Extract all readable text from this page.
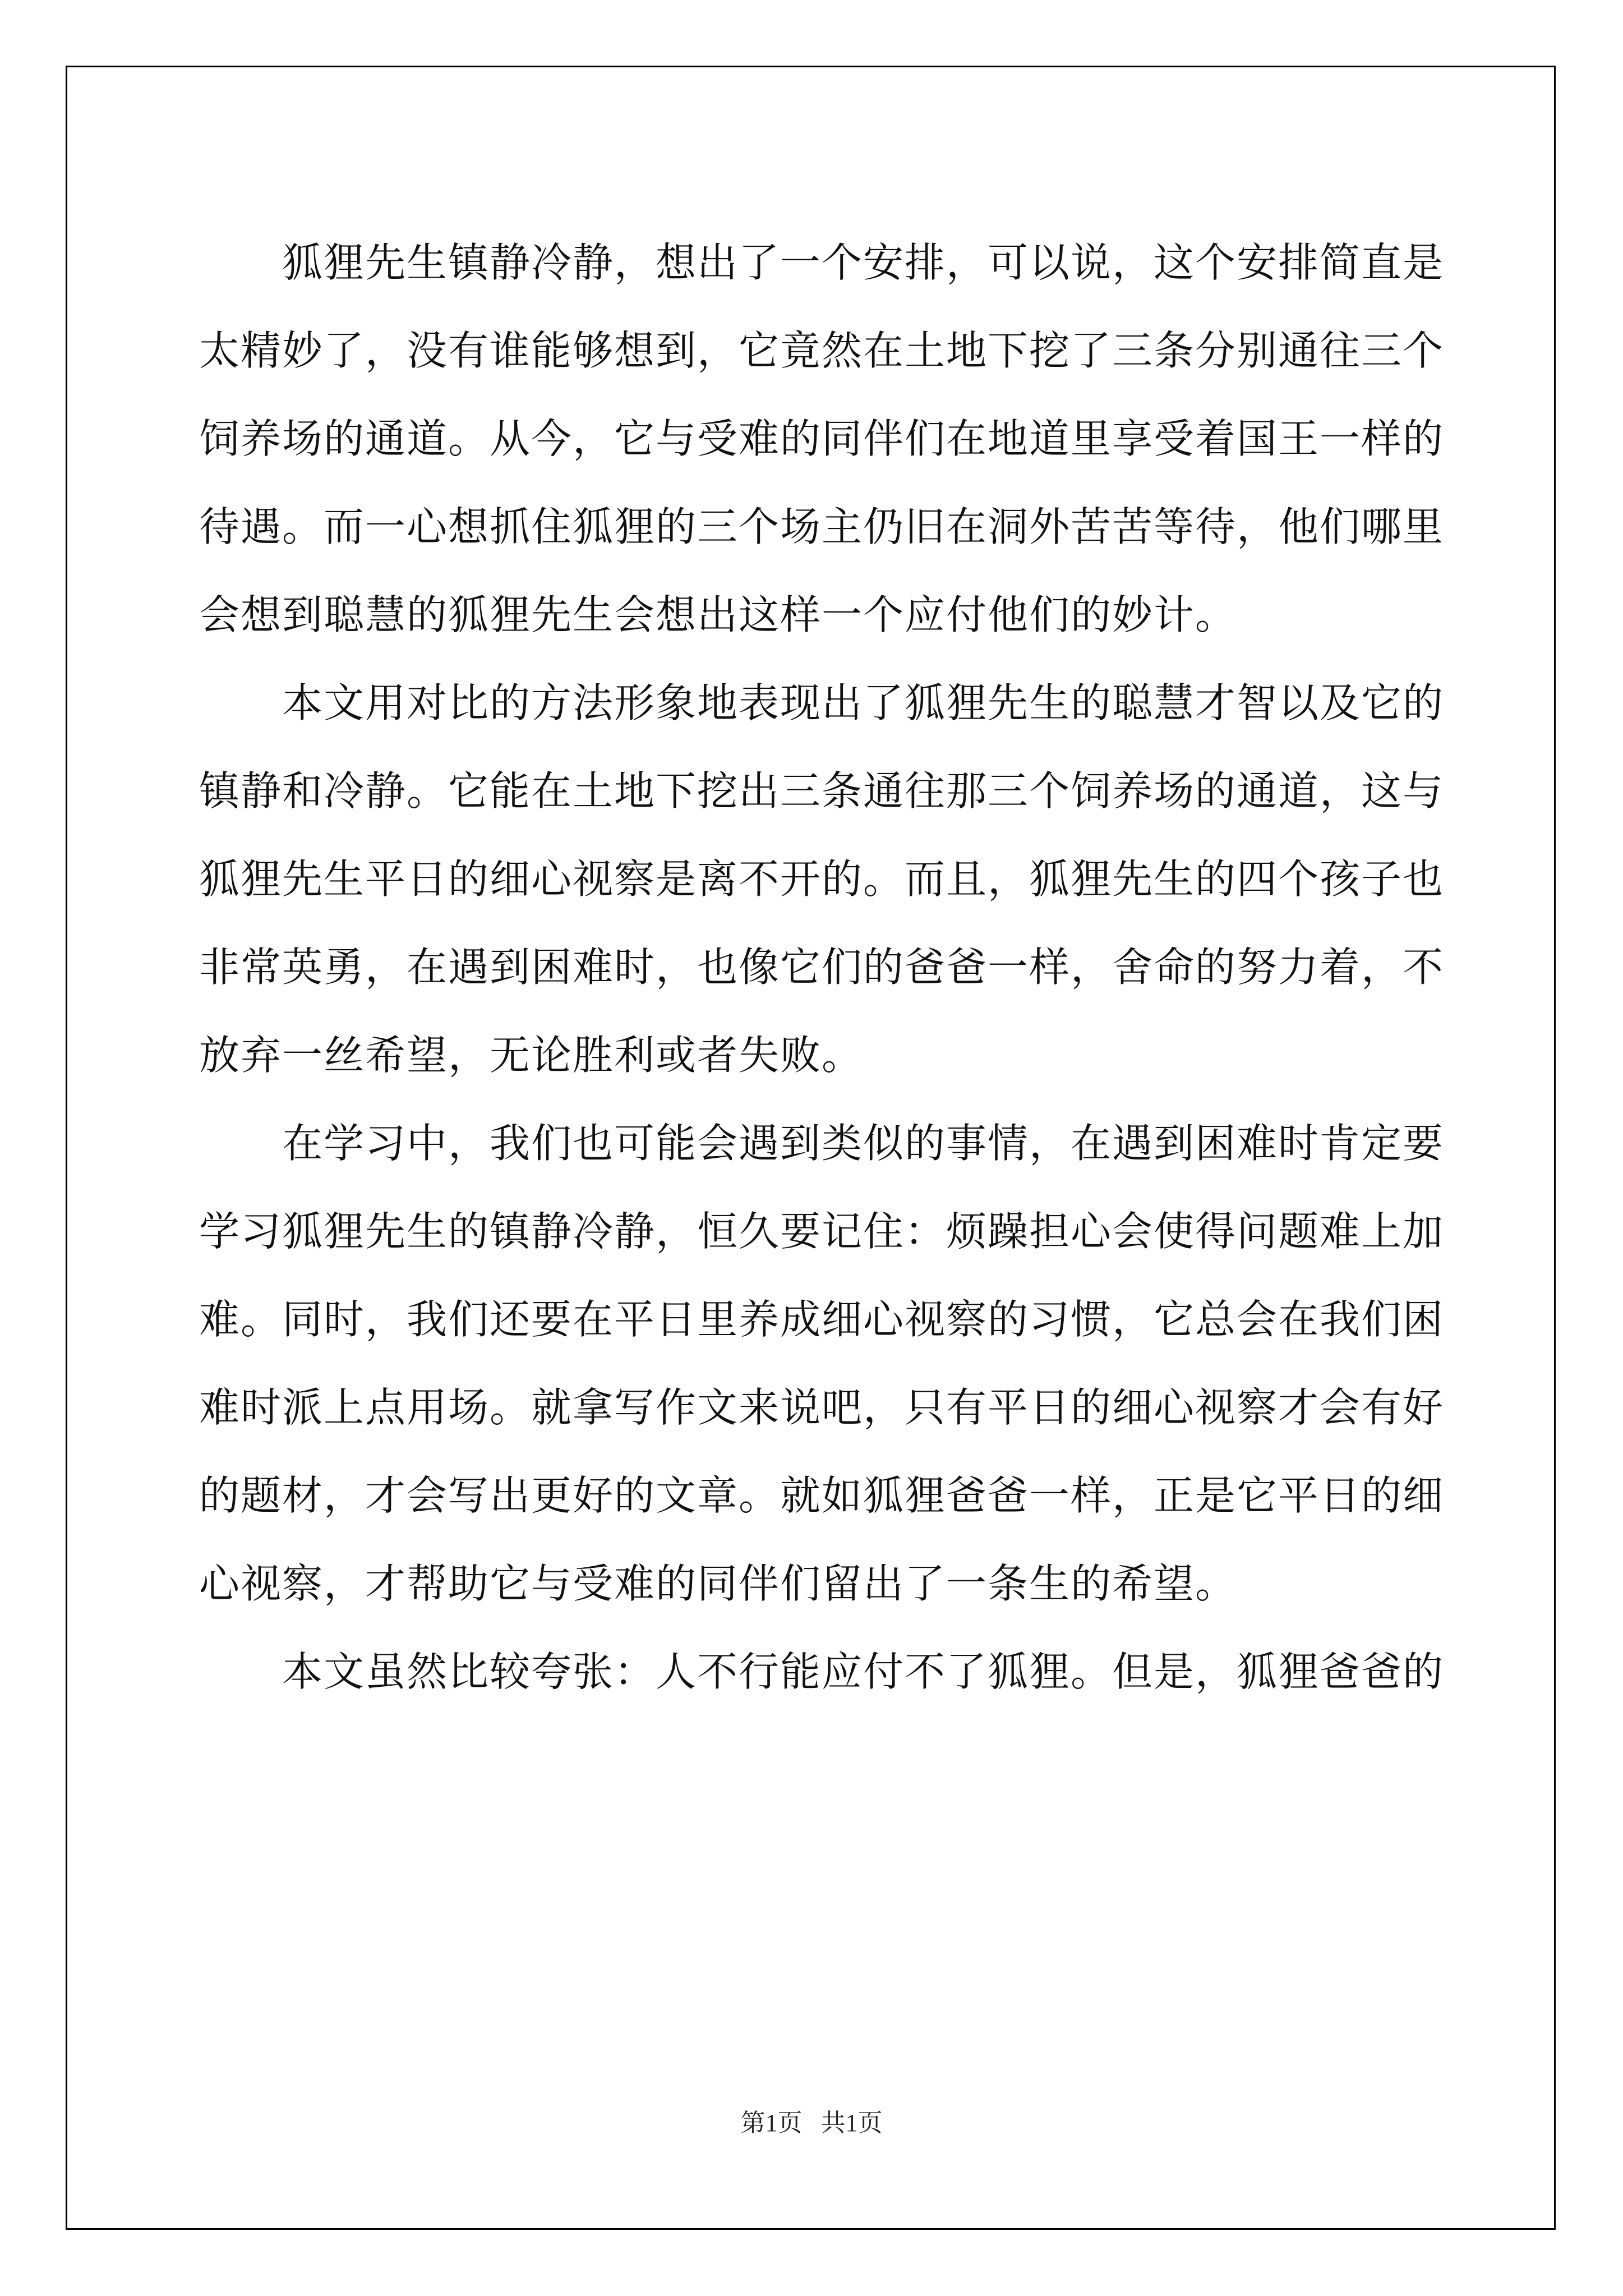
　　狐狸先生镇静冷静，想出了一个安排，可以说，这个安排简直是
太精妙了，没有谁能够想到，它竟然在土地下挖了三条分别通往三个
饲养场的通道。从今，它与受难的同伴们在地道里享受着国王一样的
待遇。而一心想抓住狐狸的三个场主仍旧在洞外苦苦等待，他们哪里
会想到聪慧的狐狸先生会想出这样一个应付他们的妙计。
　　本文用对比的方法形象地表现出了狐狸先生的聪慧才智以及它的
镇静和冷静。它能在土地下挖出三条通往那三个饲养场的通道，这与
狐狸先生平日的细心视察是离不开的。而且，狐狸先生的四个孩子也
非常英勇，在遇到困难时，也像它们的爸爸一样，舍命的努力着，不
放弃一丝希望，无论胜利或者失败。
　　在学习中，我们也可能会遇到类似的事情，在遇到困难时肯定要
学习狐狸先生的镇静冷静，恒久要记住：烦躁担心会使得问题难上加
难。同时，我们还要在平日里养成细心视察的习惯，它总会在我们困
难时派上点用场。就拿写作文来说吧，只有平日的细心视察才会有好
的题材，才会写出更好的文章。就如狐狸爸爸一样，正是它平日的细
心视察，才帮助它与受难的同伴们留出了一条生的希望。
　　本文虽然比较夸张：人不行能应付不了狐狸。但是，狐狸爸爸的
第1页 共1页
